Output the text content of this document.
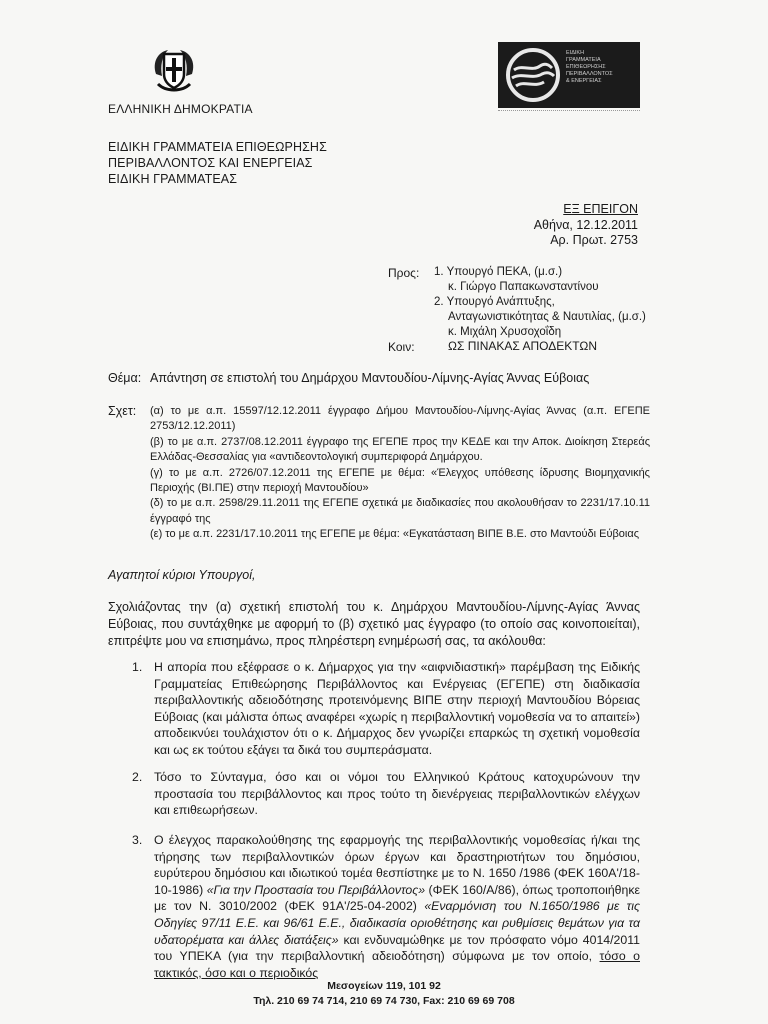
ΕΛΛΗΝΙΚΗ ΔΗΜΟΚΡΑΤΙΑ
ΕΙΔΙΚΗ
ΓΡΑΜΜΑΤΕΙΑ
ΕΠΙΘΕΩΡΗΣΗΣ
ΠΕΡΙΒΑΛΛΟΝΤΟΣ
& ΕΝΕΡΓΕΙΑΣ
ΕΙΔΙΚΗ ΓΡΑΜΜΑΤΕΙΑ ΕΠΙΘΕΩΡΗΣΗΣ
ΠΕΡΙΒΑΛΛΟΝΤΟΣ ΚΑΙ ΕΝΕΡΓΕΙΑΣ
ΕΙΔΙΚΗ ΓΡΑΜΜΑΤΕΑΣ
ΕΞ ΕΠΕΙΓΟΝ
Αθήνα, 12.12.2011
Αρ. Πρωτ. 2753
Προς: 1. Υπουργό ΠΕΚΑ, (μ.σ.)
κ. Γιώργο Παπακωνσταντίνου
2. Υπουργό Ανάπτυξης,
Ανταγωνιστικότητας & Ναυτιλίας, (μ.σ.)
κ. Μιχάλη Χρυσοχοΐδη
Κοιν:	ΩΣ ΠΙΝΑΚΑΣ ΑΠΟΔΕΚΤΩΝ
Θέμα: Απάντηση σε επιστολή του Δημάρχου Μαντουδίου-Λίμνης-Αγίας Άννας Εύβοιας
Σχετ: (α) το με α.π. 15597/12.12.2011 έγγραφο Δήμου Μαντουδίου-Λίμνης-Αγίας Άννας (α.π. ΕΓΕΠΕ 2753/12.12.2011)

(β) το με α.π. 2737/08.12.2011 έγγραφο της ΕΓΕΠΕ προς την ΚΕΔΕ και την Αποκ. Διοίκηση Στερεάς Ελλάδας-Θεσσαλίας για «αντιδεοντολογική συμπεριφορά Δημάρχου.

(γ) το με α.π. 2726/07.12.2011 της ΕΓΕΠΕ με θέμα: «Έλεγχος υπόθεσης ίδρυσης Βιομηχανικής Περιοχής (ΒΙ.ΠΕ) στην περιοχή Μαντουδίου»

(δ) το με α.π. 2598/29.11.2011 της ΕΓΕΠΕ σχετικά με διαδικασίες που ακολουθήσαν το 2231/17.10.11 έγγραφό της

(ε) το με α.π. 2231/17.10.2011 της ΕΓΕΠΕ με θέμα: «Εγκατάσταση ΒΙΠΕ Β.Ε. στο Μαντούδι Εύβοιας

Αγαπητοί κύριοι Υπουργοί,
Σχολιάζοντας την (α) σχετική επιστολή του κ. Δημάρχου Μαντουδίου-Λίμνης-Αγίας Άννας Εύβοιας, που συντάχθηκε με αφορμή το (β) σχετικό μας έγγραφο (το οποίο σας κοινοποιείται), επιτρέψτε μου να επισημάνω, προς πληρέστερη ενημέρωσή σας, τα ακόλουθα:
1. Η απορία που εξέφρασε ο κ. Δήμαρχος για την «αιφνιδιαστική» παρέμβαση της Ειδικής Γραμματείας Επιθεώρησης Περιβάλλοντος και Ενέργειας (ΕΓΕΠΕ) στη διαδικασία περιβαλλοντικής αδειοδότησης προτεινόμενης ΒΙΠΕ στην περιοχή Μαντουδίου Βόρειας Εύβοιας (και μάλιστα όπως αναφέρει «χωρίς η περιβαλλοντική νομοθεσία να το απαιτεί») αποδεικνύει τουλάχιστον ότι ο κ. Δήμαρχος δεν γνωρίζει επαρκώς τη σχετική νομοθεσία και ως εκ τούτου εξάγει τα δικά του συμπεράσματα.
2. Τόσο το Σύνταγμα, όσο και οι νόμοι του Ελληνικού Κράτους κατοχυρώνουν την προστασία του περιβάλλοντος και προς τούτο τη διενέργειας περιβαλλοντικών ελέγχων και επιθεωρήσεων.
3. Ο έλεγχος παρακολούθησης της εφαρμογής της περιβαλλοντικής νομοθεσίας ή/και της τήρησης των περιβαλλοντικών όρων έργων και δραστηριοτήτων του δημόσιου, ευρύτερου δημόσιου και ιδιωτικού τομέα θεσπίστηκε με το Ν. 1650 /1986 (ΦΕΚ 160Α'/18-10-1986) «Για την Προστασία του Περιβάλλοντος» (ΦΕΚ 160/Α/86), όπως τροποποιήθηκε με τον Ν. 3010/2002 (ΦΕΚ 91Α'/25-04-2002) «Εναρμόνιση του Ν.1650/1986 με τις Οδηγίες 97/11 Ε.Ε. και 96/61 Ε.Ε., διαδικασία οριοθέτησης και ρυθμίσεις θεμάτων για τα υδατορέματα και άλλες διατάξεις» και ενδυναμώθηκε με τον πρόσφατο νόμο 4014/2011 του ΥΠΕΚΑ (για την περιβαλλοντική αδειοδότηση) σύμφωνα με τον οποίο, τόσο ο τακτικός, όσο και ο περιοδικός
Μεσογείων 119, 101 92
Τηλ. 210 69 74 714, 210 69 74 730, Fax: 210 69 69 708
